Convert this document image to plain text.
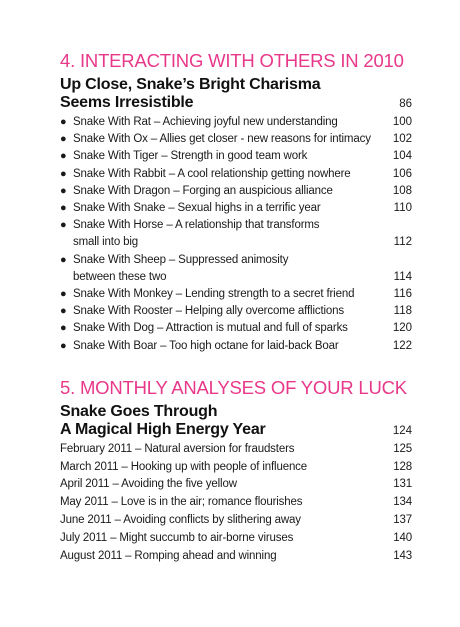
4. INTERACTING WITH OTHERS IN 2010
Up Close, Snake’s Bright Charisma
Seems Irresistible	86
● Snake With Rat – Achieving joyful new understanding	100
● Snake With Ox – Allies get closer - new reasons for intimacy	102
● Snake With Tiger – Strength in good team work	104
● Snake With Rabbit – A cool relationship getting nowhere	106
● Snake With Dragon – Forging an auspicious alliance	108
● Snake With Snake – Sexual highs in a terrific year	110
● Snake With Horse – A relationship that transforms
small into big	112
● Snake With Sheep – Suppressed animosity
between these two	114
● Snake With Monkey – Lending strength to a secret friend	116
● Snake With Rooster – Helping ally overcome afflictions	118
● Snake With Dog – Attraction is mutual and full of sparks	120
● Snake With Boar – Too high octane for laid-back Boar	122
5. MONTHLY ANALYSES OF YOUR LUCK
Snake Goes Through
A Magical High Energy Year	124
February 2011 – Natural aversion for fraudsters	125
March 2011 – Hooking up with people of influence	128
April 2011 – Avoiding the five yellow	131
May 2011 – Love is in the air; romance flourishes	134
June 2011 – Avoiding conflicts by slithering away	137
July 2011 – Might succumb to air-borne viruses	140
August 2011 – Romping ahead and winning	143
